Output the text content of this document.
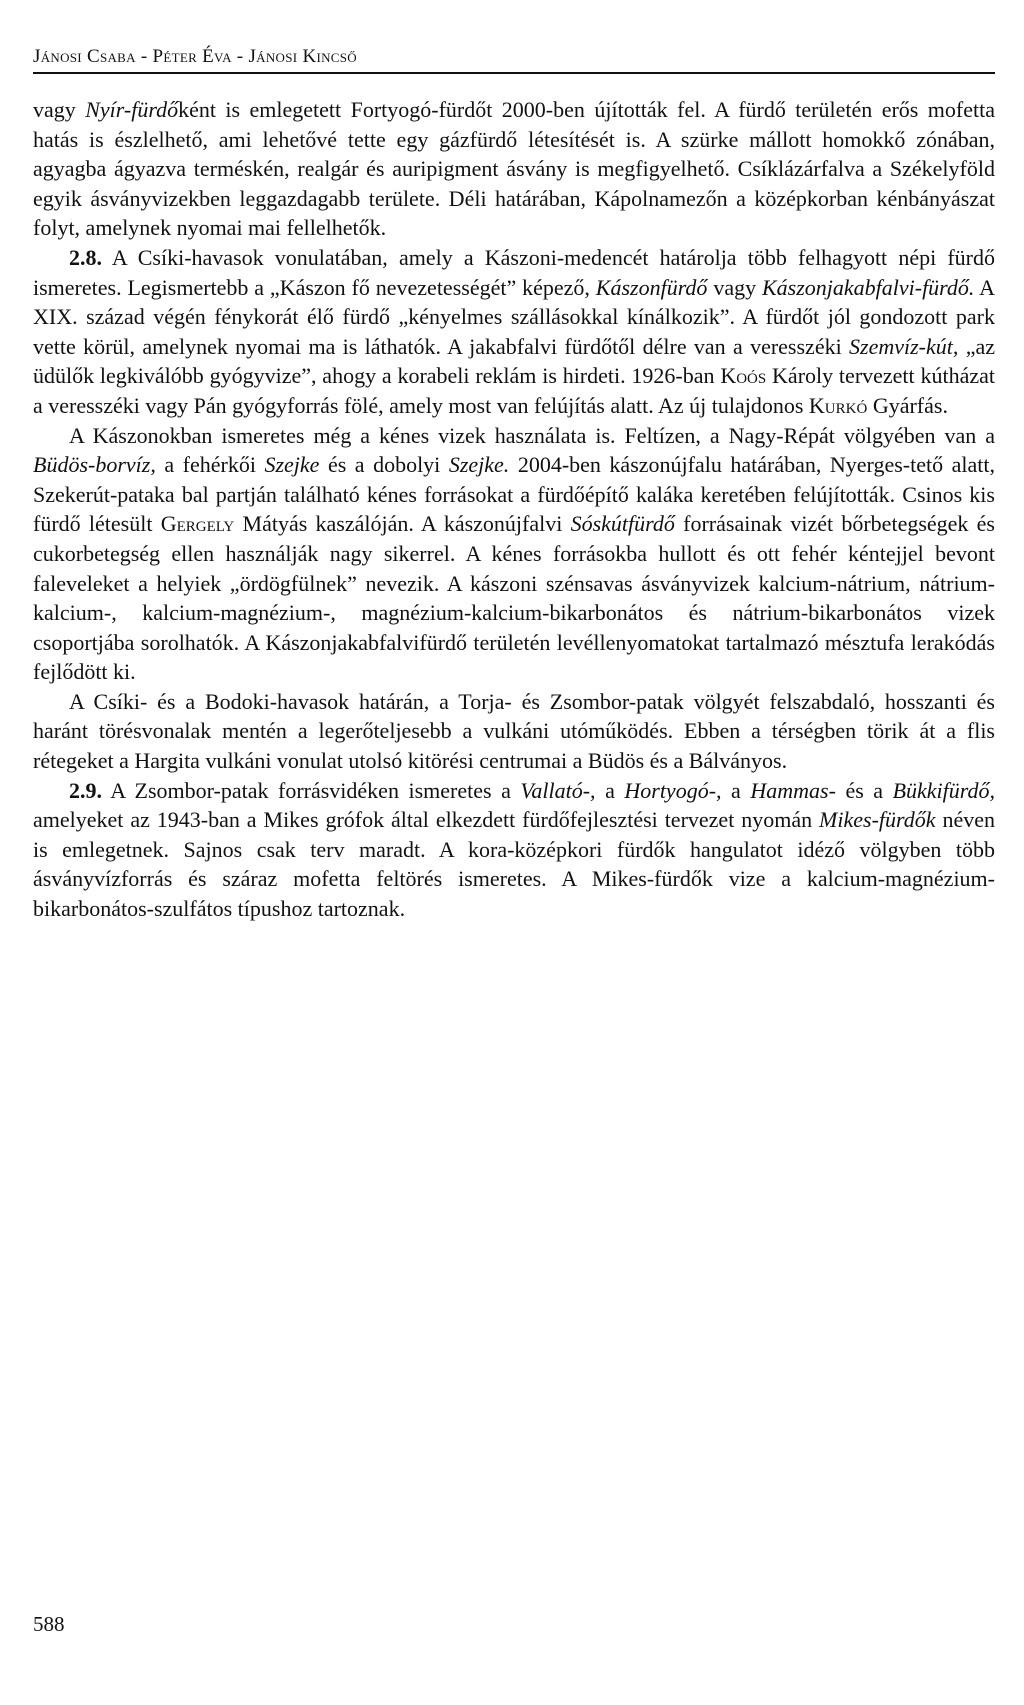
Jánosi Csaba - Péter Éva - Jánosi Kincső

vagy Nyír-fürdőként is emlegetett Fortyogó-fürdőt 2000-ben újították fel. A fürdő területén erős mofetta hatás is észlelhető, ami lehetővé tette egy gázfürdő létesítését is. A szürke mállott homokkő zónában, agyagba ágyazva terméskén, realgár és auripigment ásvány is megfigyelhető. Csíklázárfalva a Székelyföld egyik ásványvizekben leggazdagabb területe. Déli határában, Kápolnamezőn a középkorban kénbányászat folyt, amelynek nyomai mai fellelhetők.

2.8. A Csíki-havasok vonulatában, amely a Kászoni-medencét határolja több felhagyott népi fürdő ismeretes. Legismertebb a „Kászon fő nevezetességét” képező, Kászonfürdő vagy Kászonjakabfalvi-fürdő. A XIX. század végén fénykorát élő fürdő „kényelmes szállásokkal kínálkozik”. A fürdőt jól gondozott park vette körül, amelynek nyomai ma is láthatók. A jakabfalvi fürdőtől délre van a veresszéki Szemvíz-kút, „az üdülők legkiválóbb gyógyvize”, ahogy a korabeli reklám is hirdeti. 1926-ban Koós Károly tervezett kútházat a veresszéki vagy Pán gyógyforrás fölé, amely most van felújítás alatt. Az új tulajdonos Kurkó Gyárfás.

A Kászonokban ismeretes még a kénes vizek használata is. Feltízen, a Nagy-Répát völgyében van a Büdös-borvíz, a fehérkői Szejke és a dobolyi Szejke. 2004-ben kászonújfalu határában, Nyerges-tető alatt, Szekerút-pataka bal partján található kénes forrásokat a fürdőépítő kaláka keretében felújították. Csinos kis fürdő létesült Gergely Mátyás kaszálóján. A kászonújfalvi Sóskútfürdő forrásainak vizét bőrbetegségek és cukorbetegség ellen használják nagy sikerrel. A kénes forrásokba hullott és ott fehér kéntejjel bevont faleveleket a helyiek „ördögfülnek” nevezik. A kászoni szénsavas ásványvizek kalcium-nátrium, nátrium-kalcium-, kalcium-magnézium-, magnézium-kalcium-bikarbonátos és nátrium-bikarbonátos vizek csoportjába sorolhatók. A Kászonjakabfalvifürdő területén levéllenyomatokat tartalmazó mésztufa lerakódás fejlődött ki.

A Csíki- és a Bodoki-havasok határán, a Torja- és Zsombor-patak völgyét felszabdaló, hosszanti és haránt törésvonalak mentén a legerőteljesebb a vulkáni utóműködés. Ebben a térségben törik át a flis rétegeket a Hargita vulkáni vonulat utolsó kitörési centrumai a Büdös és a Bálványos.

2.9. A Zsombor-patak forrásvidéken ismeretes a Vallató-, a Hortyogó-, a Hammas- és a Bükkifürdő, amelyeket az 1943-ban a Mikes grófok által elkezdett fürdőfejlesztési tervezet nyomán Mikes-fürdők néven is emlegetnek. Sajnos csak terv maradt. A kora-középkori fürdők hangulatot idéző völgyben több ásványvízforrás és száraz mofetta feltörés ismeretes. A Mikes-fürdők vize a kalcium-magnézium-bikarbonátos-szulfátos típushoz tartoznak.

588
